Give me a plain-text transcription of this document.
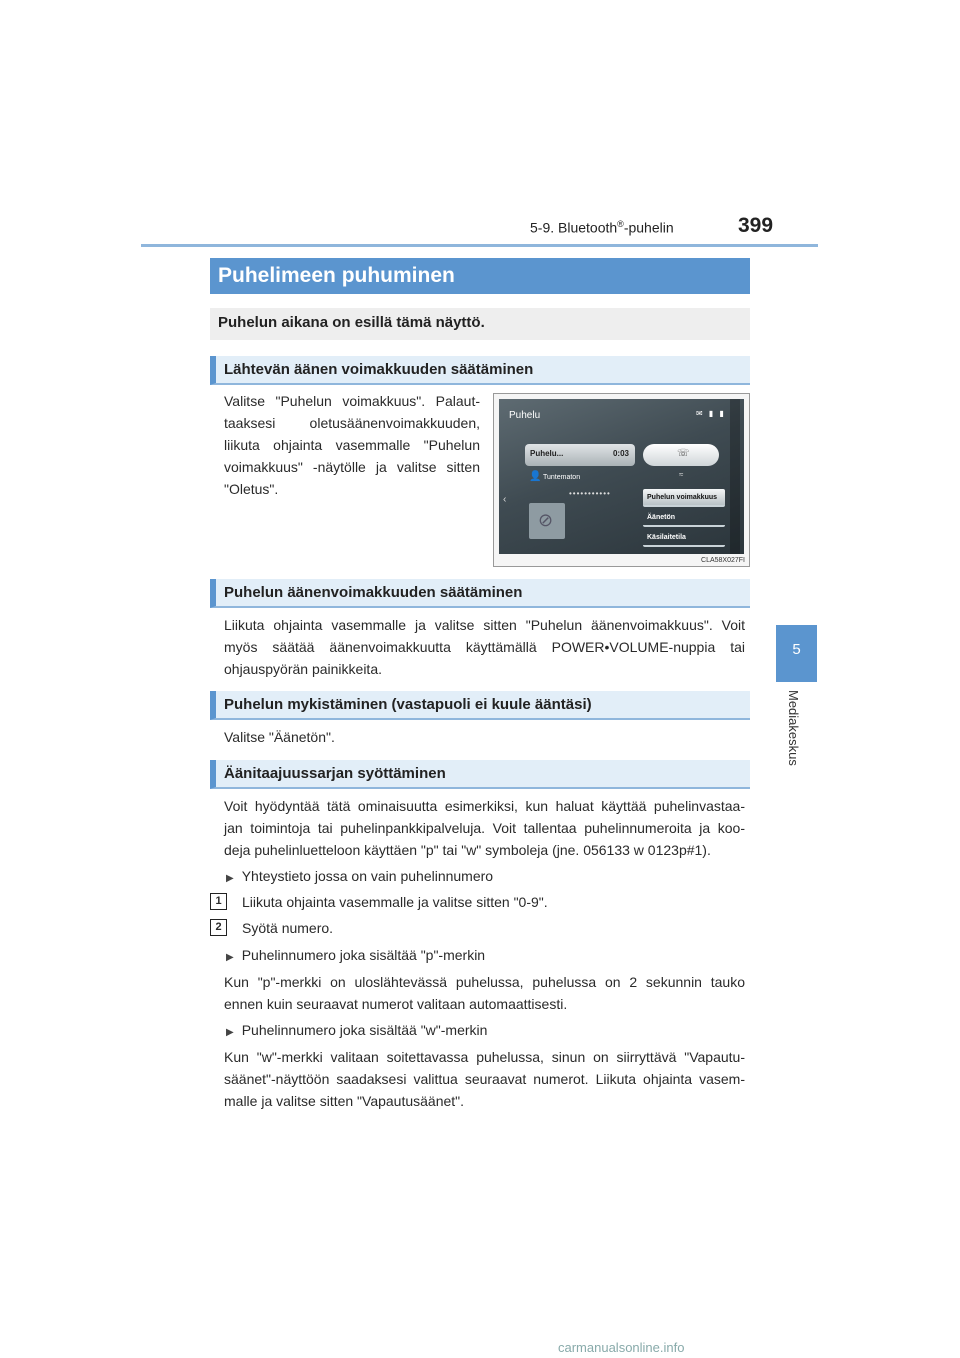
5-9. Bluetooth®-puhelin	399
5
Mediakeskus
Puhelimeen puhuminen
Puhelun aikana on esillä tämä näyttö.
Lähtevän äänen voimakkuuden säätäminen
Valitse "Puhelun voimakkuus". Palaut-
taaksesi oletusäänenvoimakkuuden,
liikuta ohjainta vasemmalle "Puhelun
voimakkuus" -näytölle ja valitse sitten
"Oletus".
Puhelu	✉ ▮ ▮
Puhelu...	0:03
👤 Tuntematon
•••••••••••
‹
⊘
☏
≈
Puhelun voimakkuus
Äänetön
Käsilaitetila
CLA58X027FI
Puhelun äänenvoimakkuuden säätäminen
Liikuta ohjainta vasemmalle ja valitse sitten "Puhelun äänenvoimakkuus". Voit
myös säätää äänenvoimakkuutta käyttämällä POWER•VOLUME-nuppia tai
ohjauspyörän painikkeita.
Puhelun mykistäminen (vastapuoli ei kuule ääntäsi)
Valitse "Äänetön".
Äänitaajuussarjan syöttäminen
Voit hyödyntää tätä ominaisuutta esimerkiksi, kun haluat käyttää puhelinvastaa-
jan toimintoja tai puhelinpankkipalveluja. Voit tallentaa puhelinnumeroita ja koo-
deja puhelinluetteloon käyttäen "p" tai "w" symboleja (jne. 056133 w 0123p#1).
▶ Yhteystieto jossa on vain puhelinnumero
1	Liikuta ohjainta vasemmalle ja valitse sitten "0-9".
2	Syötä numero.
▶ Puhelinnumero joka sisältää "p"-merkin
Kun "p"-merkki on uloslähtevässä puhelussa, puhelussa on 2 sekunnin tauko
ennen kuin seuraavat numerot valitaan automaattisesti.
▶ Puhelinnumero joka sisältää "w"-merkin
Kun "w"-merkki valitaan soitettavassa puhelussa, sinun on siirryttävä "Vapautu-
säänet"-näyttöön saadaksesi valittua seuraavat numerot. Liikuta ohjainta vasem-
malle ja valitse sitten "Vapautusäänet".
carmanualsonline.info
